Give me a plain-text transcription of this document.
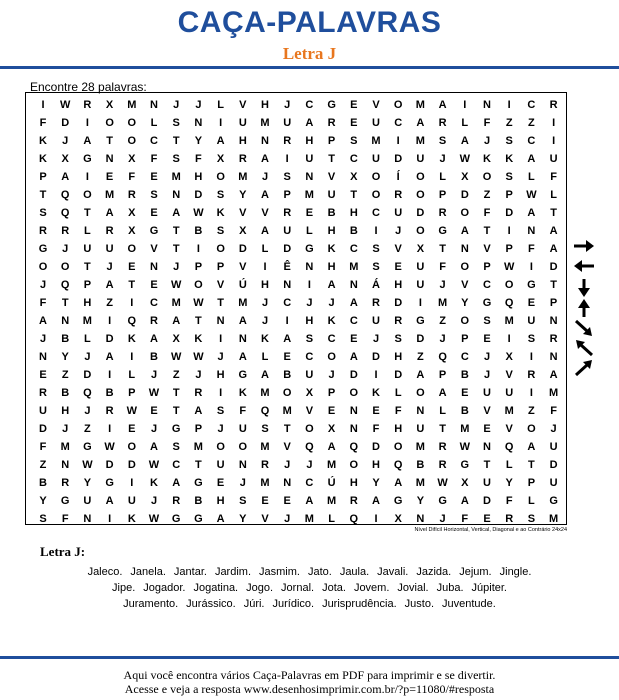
CAÇA-PALAVRAS
Letra J
Encontre 28 palavras:
I	W	R	X	M	N	J	J	L	V	H	J	C	G	E	V	O	M	A	I	N	I	C	R
F	D	I	O	O	L	S	N	I	U	M	U	A	R	E	U	C	A	R	L	F	Z	Z	I
K	J	A	T	O	C	T	Y	A	H	N	R	H	P	S	M	I	M	S	A	J	S	C	I
K	X	G	N	X	F	S	F	X	R	A	I	U	T	C	U	D	U	J	W	K	K	A	U
P	A	I	E	F	E	M	H	O	M	J	S	N	V	X	O	Í	O	L	X	O	S	L	F
T	Q	O	M	R	S	N	D	S	Y	A	P	M	U	T	O	R	O	P	D	Z	P	W	L
S	Q	T	A	X	E	A	W	K	V	V	R	E	B	H	C	U	D	R	O	F	D	A	T
R	R	L	R	X	G	T	B	S	X	A	U	L	H	B	I	J	O	G	A	T	I	N	A
G	J	U	U	O	V	T	I	O	D	L	D	G	K	C	S	V	X	T	N	V	P	F	A
O	O	T	J	E	N	J	P	P	V	I	Ê	N	H	M	S	E	U	F	O	P	W	I	D
J	Q	P	A	T	E	W	O	V	Ú	H	N	I	A	N	Á	H	U	J	V	C	O	G	T
F	T	H	Z	I	C	M	W	T	M	J	C	J	J	A	R	D	I	M	Y	G	Q	E	P
A	N	M	I	Q	R	A	T	N	A	J	I	H	K	C	U	R	G	Z	O	S	M	U	N
J	B	L	D	K	A	X	K	I	N	K	A	S	C	E	J	S	D	J	P	E	I	S	R
N	Y	J	A	I	B	W	W	J	A	L	E	C	O	A	D	H	Z	Q	C	J	X	I	N
E	Z	D	I	L	J	Z	J	H	G	A	B	U	J	D	I	D	A	P	B	J	V	R	A
R	B	Q	B	P	W	T	R	I	K	M	O	X	P	O	K	L	O	A	E	U	U	I	M
U	H	J	R	W	E	T	A	S	F	Q	M	V	E	N	E	F	N	L	B	V	M	Z	F
D	J	Z	I	E	J	G	P	J	U	S	T	O	X	N	F	H	U	T	M	E	V	O	J
F	M	G	W	O	A	S	M	O	O	M	V	Q	A	Q	D	O	M	R	W	N	Q	A	U
Z	N	W	D	D	W	C	T	U	N	R	J	J	M	O	H	Q	B	R	G	T	L	T	D
B	R	Y	G	I	K	A	G	E	J	M	N	C	Ú	H	Y	A	M	W	X	U	Y	P	U
Y	G	U	A	U	J	R	B	H	S	E	E	A	M	R	A	G	Y	G	A	D	F	L	G
S	F	N	I	K	W	G	G	A	Y	V	J	M	L	Q	I	X	N	J	F	E	R	S	M
Nível Difícil Horizontal, Vertical, Diagonal e ao Contrário 24x24
Letra J:
Jaleco. Janela. Jantar. Jardim. Jasmim. Jato. Jaula. Javali. Jazida. Jejum. Jingle.
Jipe. Jogador. Jogatina. Jogo. Jornal. Jota. Jovem. Jovial. Juba. Júpiter.
Juramento. Jurássico. Júri. Jurídico. Jurisprudência. Justo. Juventude.
Aqui você encontra vários Caça-Palavras em PDF para imprimir e se divertir.
Acesse e veja a resposta www.desenhosimprimir.com.br/?p=11080/#resposta
